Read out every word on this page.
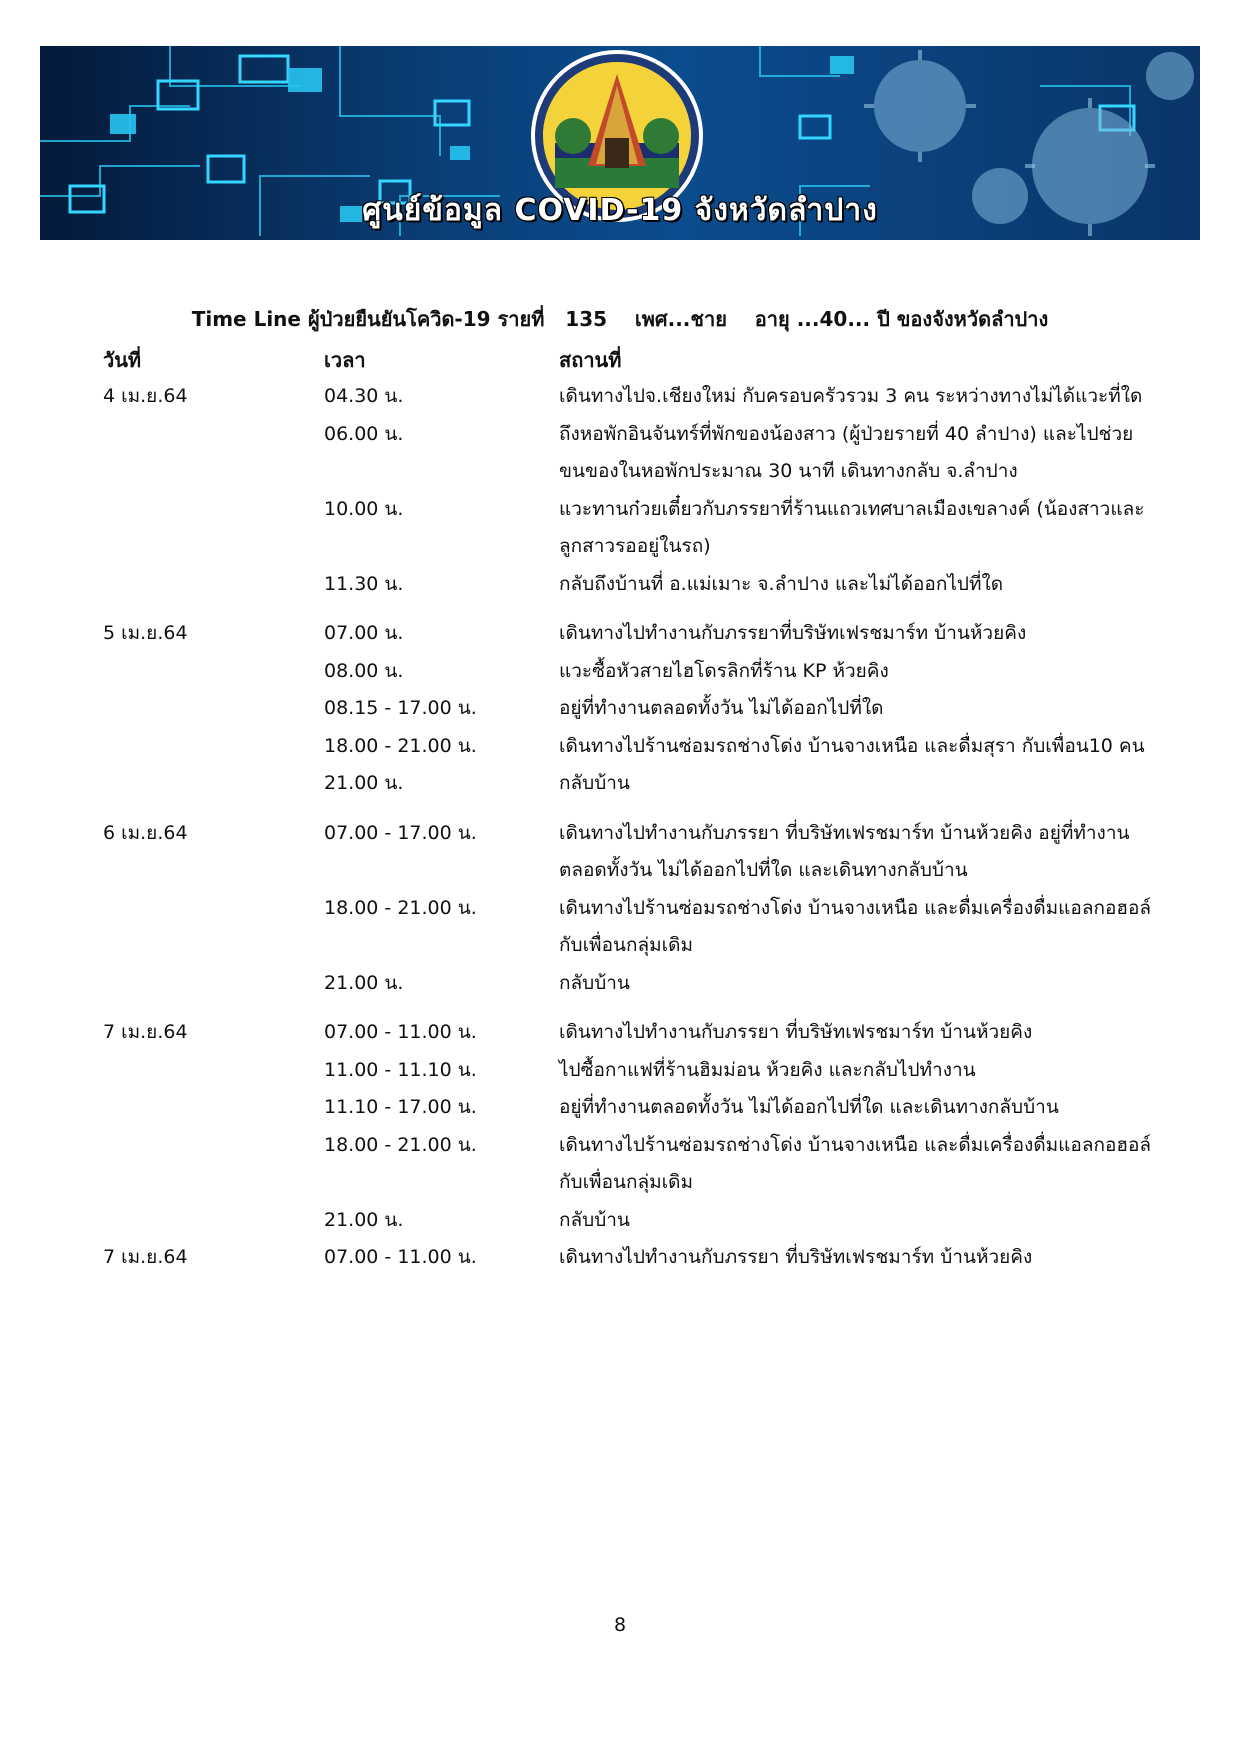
ศูนย์ข้อมูล COVID-19 จังหวัดลำปาง
Time Line ผู้ป่วยยืนยันโควิด-19 รายที่   135    เพศ...ชาย    อายุ ...40... ปี ของจังหวัดลำปาง
วันที่	เวลา	สถานที่
4 เม.ย.64	04.30 น.	เดินทางไปจ.เชียงใหม่ กับครอบครัวรวม 3 คน ระหว่างทางไม่ได้แวะที่ใด
06.00 น.	ถึงหอพักอินจันทร์ที่พักของน้องสาว (ผู้ป่วยรายที่ 40 ลำปาง) และไปช่วยขนของในหอพักประมาณ 30 นาที เดินทางกลับ จ.ลำปาง
10.00 น.	แวะทานก๋วยเตี๋ยวกับภรรยาที่ร้านแถวเทศบาลเมืองเขลางค์ (น้องสาวและลูกสาวรออยู่ในรถ)
11.30 น.	กลับถึงบ้านที่ อ.แม่เมาะ จ.ลำปาง และไม่ได้ออกไปที่ใด
5 เม.ย.64	07.00 น.	เดินทางไปทำงานกับภรรยาที่บริษัทเฟรชมาร์ท บ้านห้วยคิง
08.00 น.	แวะซื้อหัวสายไฮโดรลิกที่ร้าน KP ห้วยคิง
08.15 - 17.00 น.	อยู่ที่ทำงานตลอดทั้งวัน ไม่ได้ออกไปที่ใด
18.00 - 21.00 น.	เดินทางไปร้านซ่อมรถช่างโด่ง บ้านจางเหนือ และดื่มสุรา กับเพื่อน10 คน
21.00 น.	กลับบ้าน
6 เม.ย.64	07.00 - 17.00 น.	เดินทางไปทำงานกับภรรยา ที่บริษัทเฟรชมาร์ท บ้านห้วยคิง อยู่ที่ทำงานตลอดทั้งวัน ไม่ได้ออกไปที่ใด และเดินทางกลับบ้าน
18.00 - 21.00 น.	เดินทางไปร้านซ่อมรถช่างโด่ง บ้านจางเหนือ และดื่มเครื่องดื่มแอลกอฮอล์กับเพื่อนกลุ่มเดิม
21.00 น.	กลับบ้าน
7 เม.ย.64	07.00 - 11.00 น.	เดินทางไปทำงานกับภรรยา ที่บริษัทเฟรชมาร์ท บ้านห้วยคิง
11.00 - 11.10 น.	ไปซื้อกาแฟที่ร้านฮิมม่อน ห้วยคิง และกลับไปทำงาน
11.10 - 17.00 น.	อยู่ที่ทำงานตลอดทั้งวัน ไม่ได้ออกไปที่ใด และเดินทางกลับบ้าน
18.00 - 21.00 น.	เดินทางไปร้านซ่อมรถช่างโด่ง บ้านจางเหนือ และดื่มเครื่องดื่มแอลกอฮอล์กับเพื่อนกลุ่มเดิม
21.00 น.	กลับบ้าน
7 เม.ย.64	07.00 - 11.00 น.	เดินทางไปทำงานกับภรรยา ที่บริษัทเฟรชมาร์ท บ้านห้วยคิง
8
